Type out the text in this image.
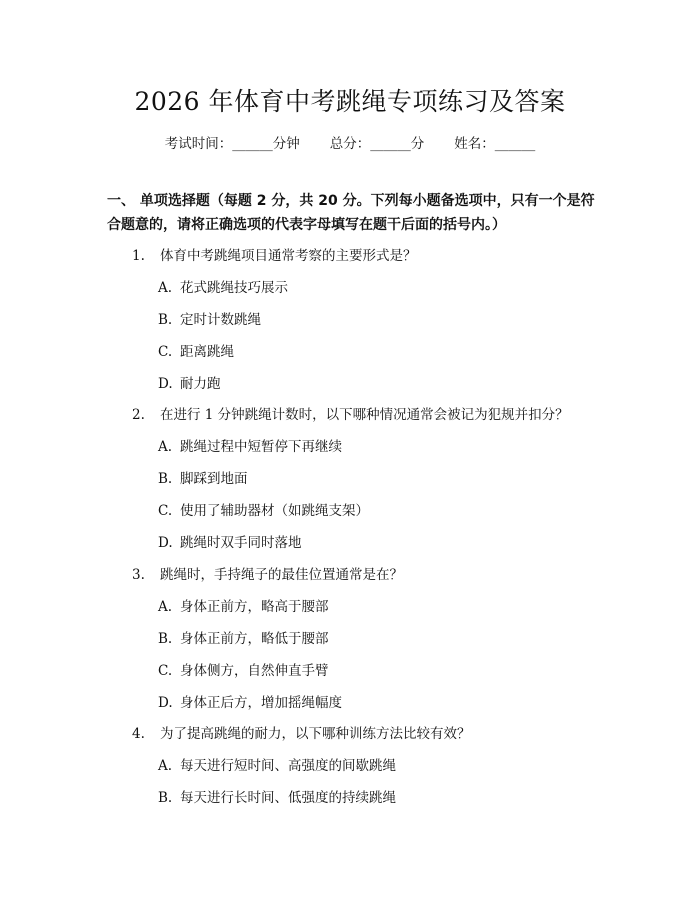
2026 年体育中考跳绳专项练习及答案
考试时间：______分钟 总分：______分 姓名：______
一、 单项选择题（每题 2 分，共 20 分。下列每小题备选项中，只有一个是符合题意的，请将正确选项的代表字母填写在题干后面的括号内。）
1. 体育中考跳绳项目通常考察的主要形式是？
A. 花式跳绳技巧展示
B. 定时计数跳绳
C. 距离跳绳
D. 耐力跑
2. 在进行 1 分钟跳绳计数时，以下哪种情况通常会被记为犯规并扣分？
A. 跳绳过程中短暂停下再继续
B. 脚踩到地面
C. 使用了辅助器材（如跳绳支架）
D. 跳绳时双手同时落地
3. 跳绳时，手持绳子的最佳位置通常是在？
A. 身体正前方，略高于腰部
B. 身体正前方，略低于腰部
C. 身体侧方，自然伸直手臂
D. 身体正后方，增加摇绳幅度
4. 为了提高跳绳的耐力，以下哪种训练方法比较有效？
A. 每天进行短时间、高强度的间歇跳绳
B. 每天进行长时间、低强度的持续跳绳
